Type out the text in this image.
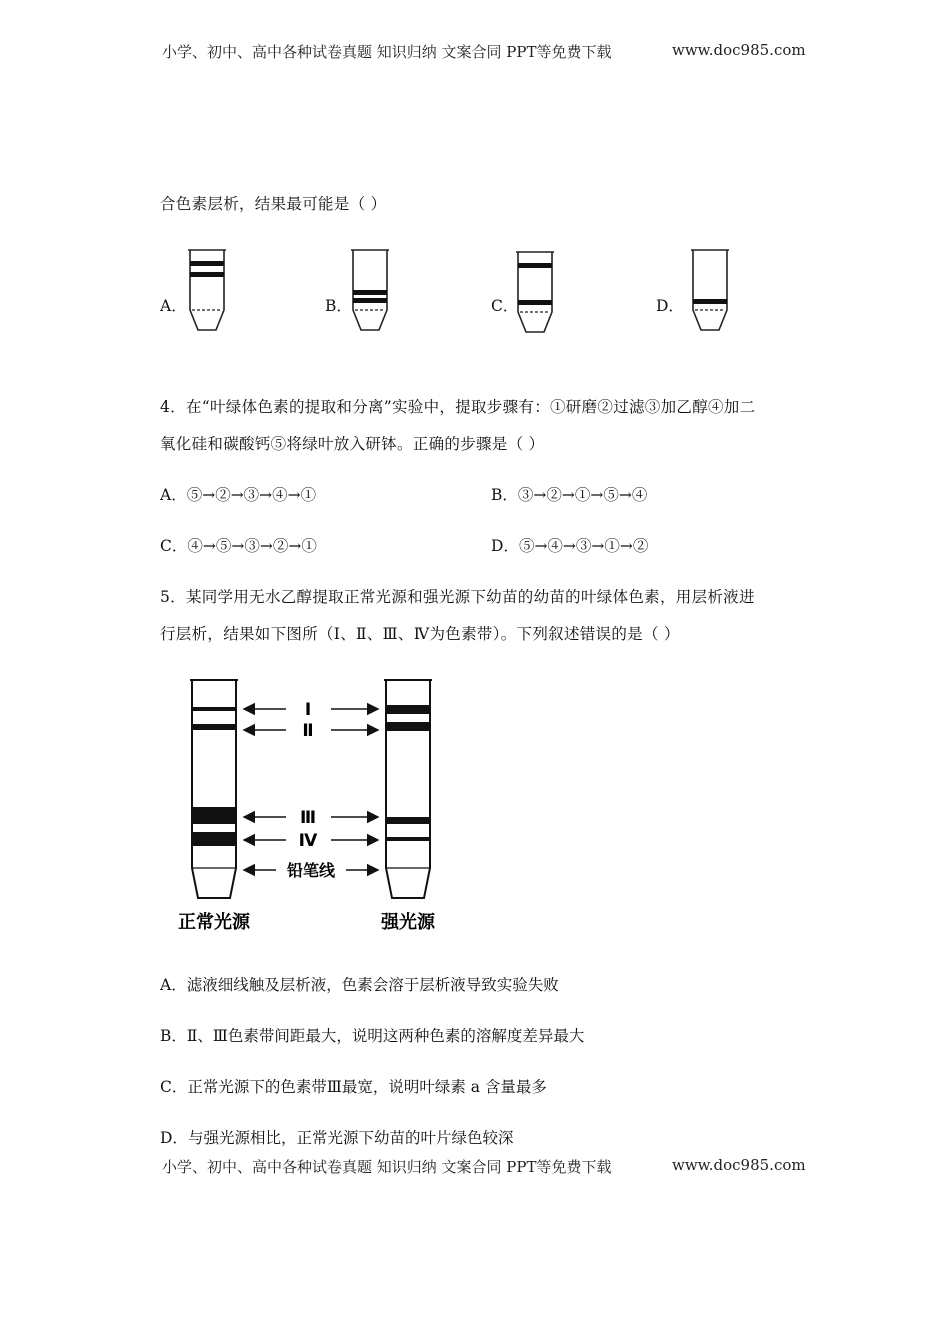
小学、初中、高中各种试卷真题 知识归纳 文案合同 PPT等免费下载	www.doc985.com
合色素层析，结果最可能是（ ）
A．	B．	C．	D．
4．在“叶绿体色素的提取和分离”实验中，提取步骤有：①研磨②过滤③加乙醇④加二
氧化硅和碳酸钙⑤将绿叶放入研钵。正确的步骤是（ ）
A．⑤→②→③→④→①	B．③→②→①→⑤→④
C．④→⑤→③→②→①	D．⑤→④→③→①→②
5．某同学用无水乙醇提取正常光源和强光源下幼苗的幼苗的叶绿体色素，用层析液进
行层析，结果如下图所（Ⅰ、Ⅱ、Ⅲ、Ⅳ为色素带）。下列叙述错误的是（ ）
Ⅰ
Ⅱ
Ⅲ
Ⅳ
铅笔线
正常光源	强光源
A．滤液细线触及层析液，色素会溶于层析液导致实验失败
B．Ⅱ、Ⅲ色素带间距最大，说明这两种色素的溶解度差异最大
C．正常光源下的色素带Ⅲ最宽，说明叶绿素 a 含量最多
D．与强光源相比，正常光源下幼苗的叶片绿色较深
小学、初中、高中各种试卷真题 知识归纳 文案合同 PPT等免费下载	www.doc985.com
